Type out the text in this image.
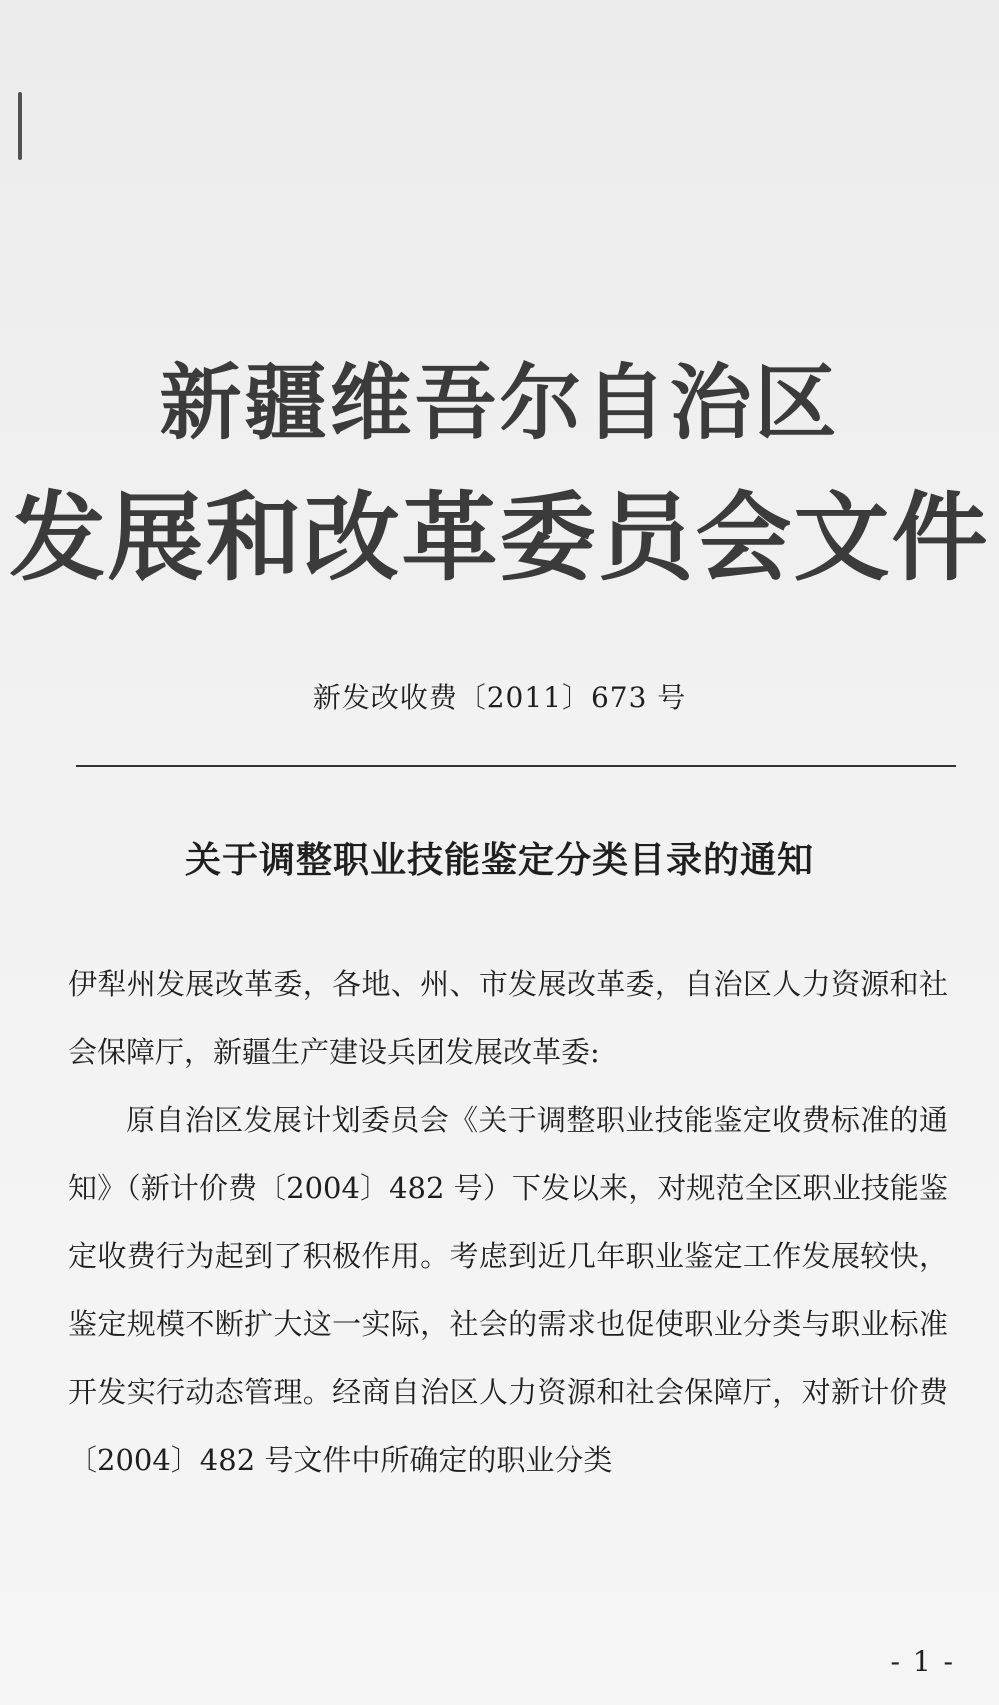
新疆维吾尔自治区
发展和改革委员会文件
新发改收费〔2011〕673 号
关于调整职业技能鉴定分类目录的通知

伊犁州发展改革委，各地、州、市发展改革委，自治区人力资源和社会保障厅，新疆生产建设兵团发展改革委:

原自治区发展计划委员会《关于调整职业技能鉴定收费标准的通知》（新计价费〔2004〕482 号）下发以来，对规范全区职业技能鉴定收费行为起到了积极作用。考虑到近几年职业鉴定工作发展较快，鉴定规模不断扩大这一实际，社会的需求也促使职业分类与职业标准开发实行动态管理。经商自治区人力资源和社会保障厅，对新计价费〔2004〕482 号文件中所确定的职业分类

- 1 -
